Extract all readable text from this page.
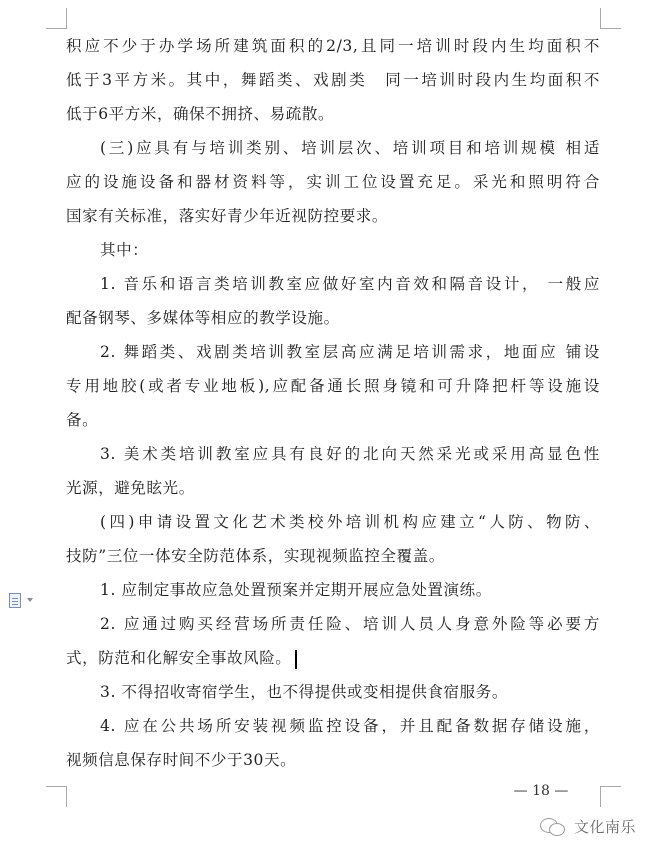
积应不少于办学场所建筑面积的2/3,且同一培训时段内生均面积不
低于3平方米。其中，舞蹈类、戏剧类　同一培训时段内生均面积不
低于6平方米，确保不拥挤、易疏散。
(三)应具有与培训类别、培训层次、培训项目和培训规模 相适
应的设施设备和器材资料等，实训工位设置充足。采光和照明符合
国家有关标准，落实好青少年近视防控要求。
其中：
1. 音乐和语言类培训教室应做好室内音效和隔音设计， 一般应
配备钢琴、多媒体等相应的教学设施。
2. 舞蹈类、戏剧类培训教室层高应满足培训需求，地面应 铺设
专用地胶(或者专业地板),应配备通长照身镜和可升降把杆等设施设
备。
3. 美术类培训教室应具有良好的北向天然采光或采用高显色性
光源，避免眩光。
(四)申请设置文化艺术类校外培训机构应建立“人防、物防、
技防”三位一体安全防范体系，实现视频监控全覆盖。
1. 应制定事故应急处置预案并定期开展应急处置演练。
2. 应通过购买经营场所责任险、培训人员人身意外险等必要方
式，防范和化解安全事故风险。
3. 不得招收寄宿学生，也不得提供或变相提供食宿服务。
4. 应在公共场所安装视频监控设备，并且配备数据存储设施，
视频信息保存时间不少于30天。
— 18 —
文化南乐
